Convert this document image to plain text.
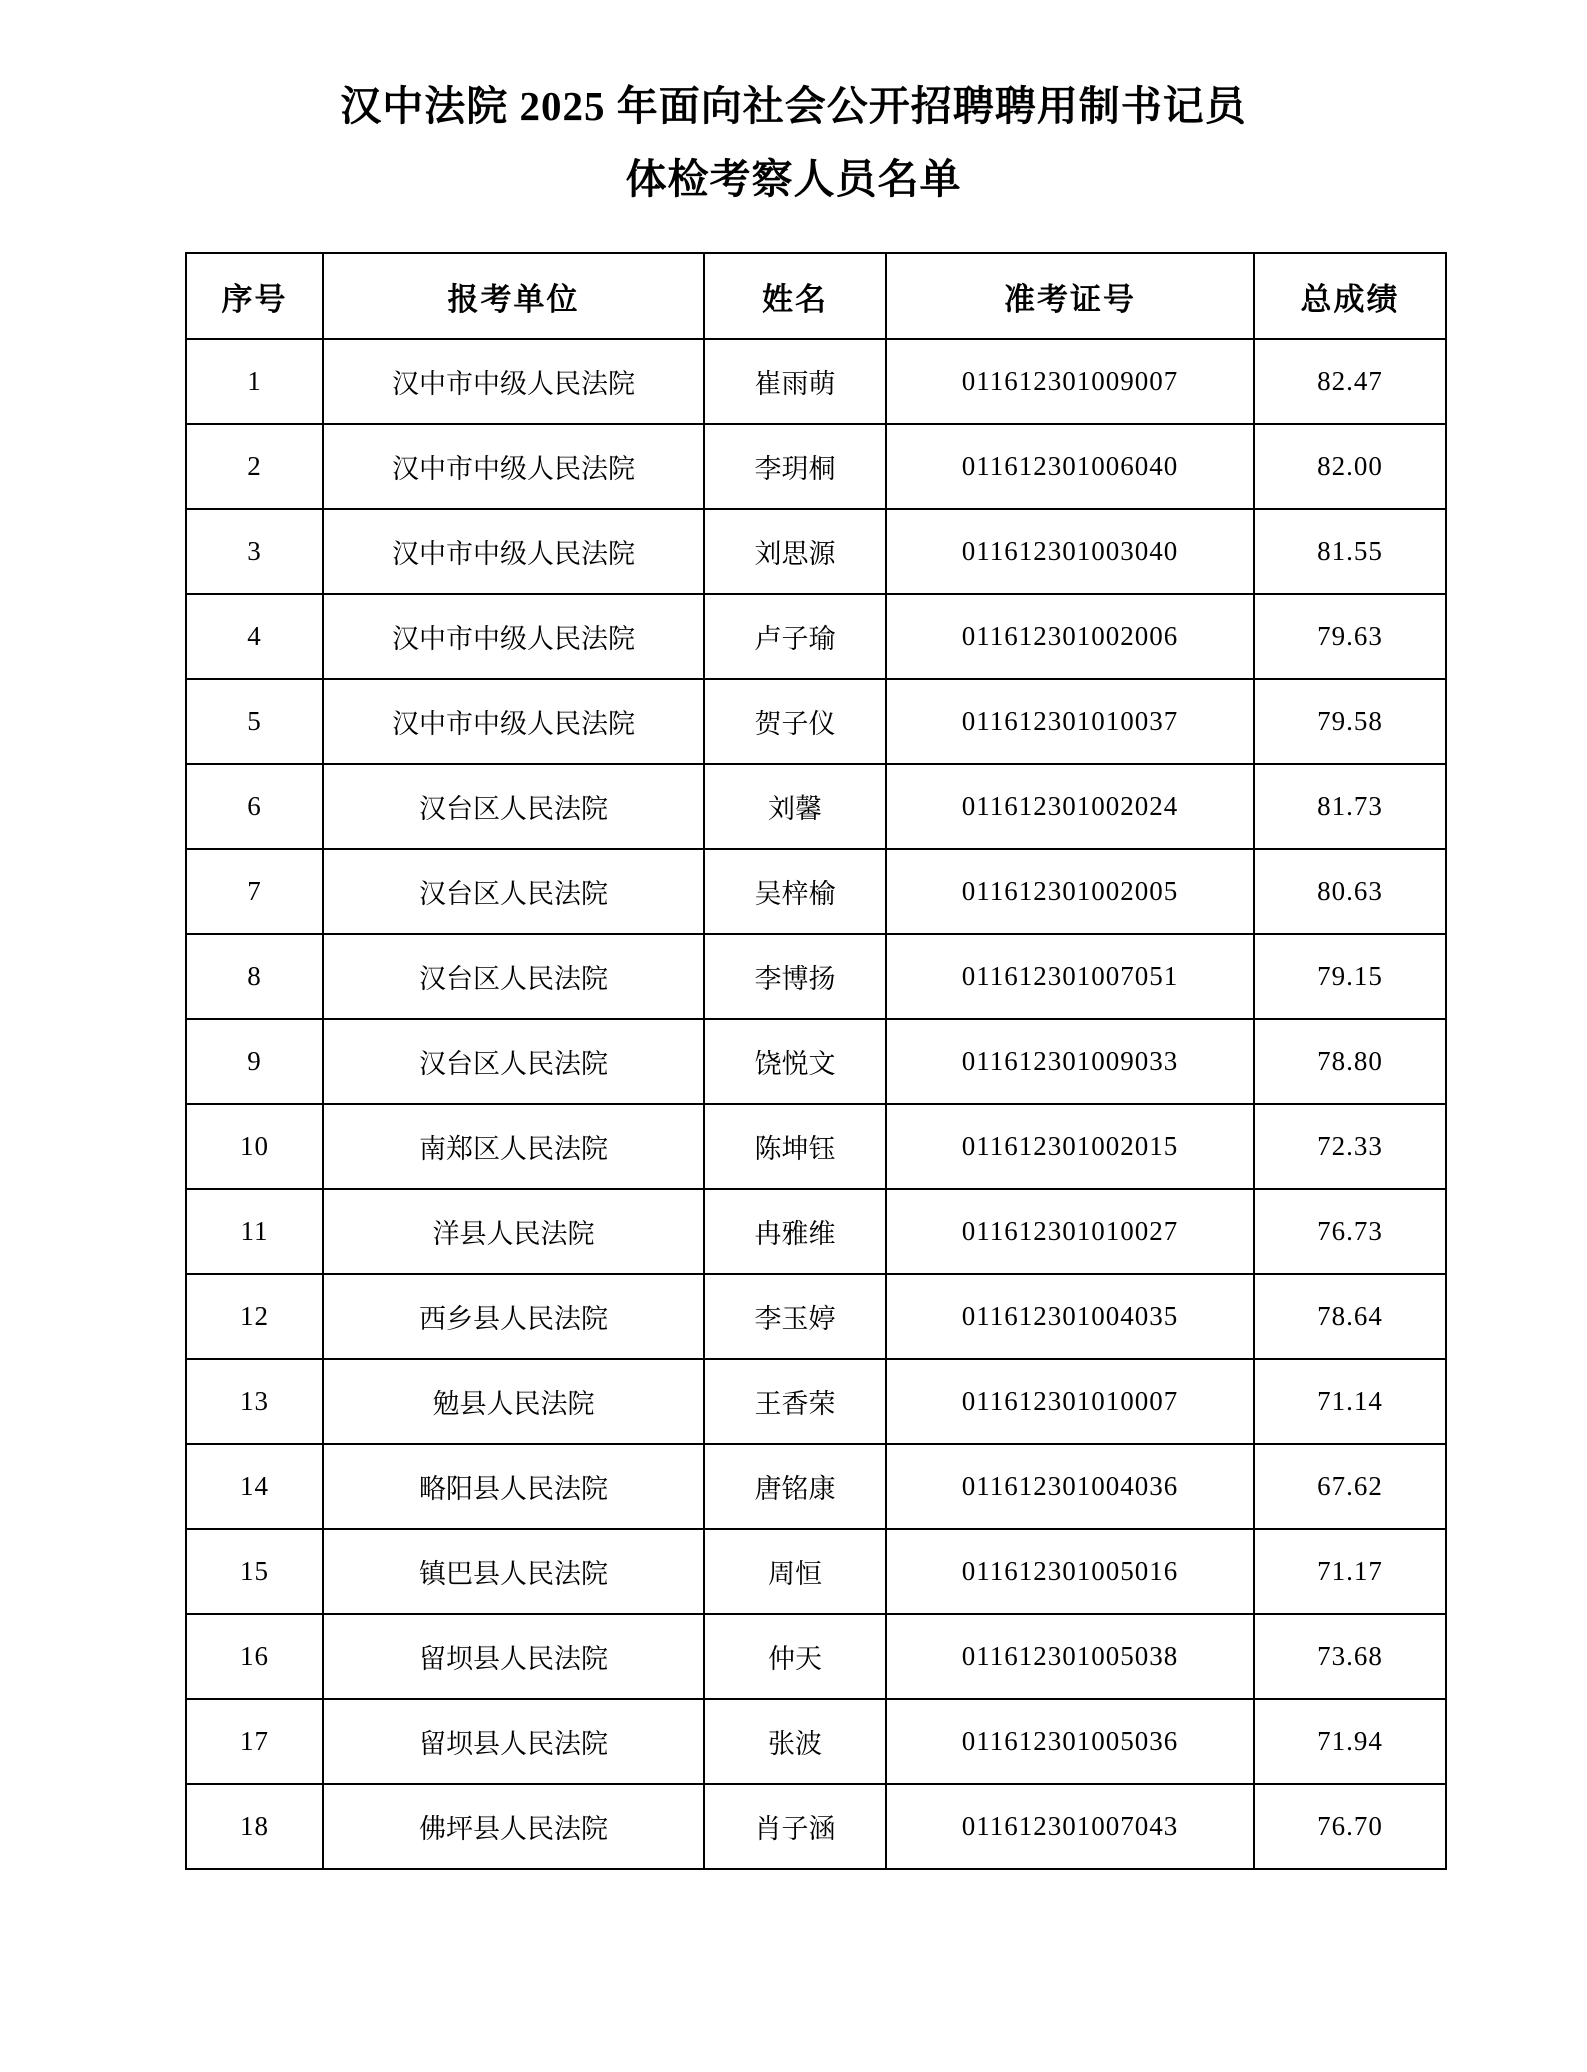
汉中法院 2025 年面向社会公开招聘聘用制书记员
体检考察人员名单
序号	报考单位	姓名	准考证号	总成绩
1	汉中市中级人民法院	崔雨萌	011612301009007	82.47
2	汉中市中级人民法院	李玥桐	011612301006040	82.00
3	汉中市中级人民法院	刘思源	011612301003040	81.55
4	汉中市中级人民法院	卢子瑜	011612301002006	79.63
5	汉中市中级人民法院	贺子仪	011612301010037	79.58
6	汉台区人民法院	刘馨	011612301002024	81.73
7	汉台区人民法院	吴梓榆	011612301002005	80.63
8	汉台区人民法院	李博扬	011612301007051	79.15
9	汉台区人民法院	饶悦文	011612301009033	78.80
10	南郑区人民法院	陈坤钰	011612301002015	72.33
11	洋县人民法院	冉雅维	011612301010027	76.73
12	西乡县人民法院	李玉婷	011612301004035	78.64
13	勉县人民法院	王香荣	011612301010007	71.14
14	略阳县人民法院	唐铭康	011612301004036	67.62
15	镇巴县人民法院	周恒	011612301005016	71.17
16	留坝县人民法院	仲天	011612301005038	73.68
17	留坝县人民法院	张波	011612301005036	71.94
18	佛坪县人民法院	肖子涵	011612301007043	76.70
